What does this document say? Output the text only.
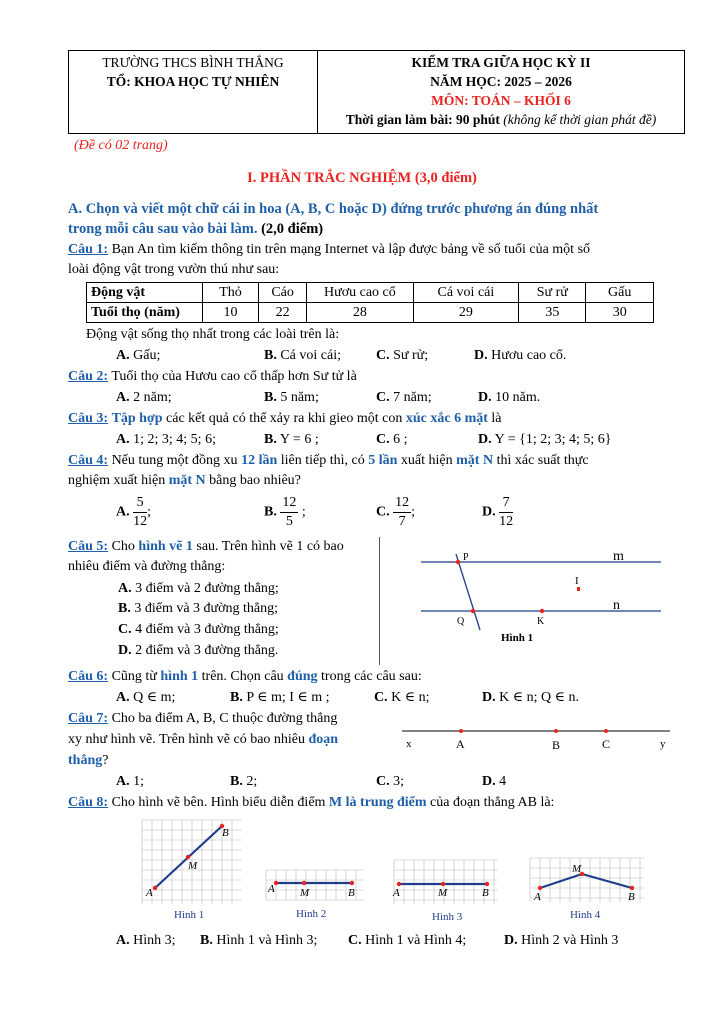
TRƯỜNG THCS BÌNH THẮNG
TỔ: KHOA HỌC TỰ NHIÊN

KIỂM TRA GIỮA HỌC KỲ II
NĂM HỌC: 2025 – 2026
MÔN: TOÁN – KHỐI 6
Thời gian làm bài: 90 phút (không kể thời gian phát đề)
(Đề có 02 trang)
I. PHẦN TRẮC NGHIỆM (3,0 điểm)
A. Chọn và viết một chữ cái in hoa (A, B, C hoặc D) đứng trước phương án đúng nhất
trong mỗi câu sau vào bài làm. (2,0 điểm)
Câu 1: Bạn An tìm kiếm thông tin trên mạng Internet và lập được bảng về số tuổi của một số
loài động vật trong vườn thú như sau:
Động vật	Thỏ	Cáo	Hươu cao cổ	Cá voi cái	Sư rử	Gấu
Tuổi thọ (năm)	10	22	28	29	35	30
Động vật sống thọ nhất trong các loài trên là:
A. Gấu;	B. Cá voi cái;	C. Sư rử;	D. Hươu cao cổ.
Câu 2: Tuổi thọ của Hươu cao cổ thấp hơn Sư tử là
A. 2 năm;	B. 5 năm;	C. 7 năm;	D. 10 năm.
Câu 3: Tập hợp các kết quả có thể xảy ra khi gieo một con xúc xắc 6 mặt là
A. 1; 2; 3; 4; 5; 6;	B. Y = 6 ;	C. 6 ;	D. Y = {1; 2; 3; 4; 5; 6}
Câu 4: Nếu tung một đồng xu 12 lần liên tiếp thì, có 5 lần xuất hiện mặt N thì xác suất thực
nghiệm xuất hiện mặt N bằng bao nhiêu?
A. $\frac{5}{12}$ ;	B. $\frac{12}{5}$ ;	C. $\frac{12}{7}$ ;	D. $\frac{7}{12}$
Câu 5: Cho hình vẽ 1 sau. Trên hình vẽ 1 có bao
nhiêu điểm và đường thẳng:
A. 3 điểm và 2 đường thẳng;
B. 3 điểm và 3 đường thẳng;
C. 4 điểm và 3 đường thẳng;
D. 2 điểm và 3 đường thẳng.
P	m
I
n
Q	K
Hình 1
Câu 6: Cũng từ hình 1 trên. Chọn câu đúng trong các câu sau:
A. Q ∈ m;	B. P ∈ m; I ∈ m ;	C. K ∈ n;	D. K ∈ n; Q ∈ n.
Câu 7: Cho ba điểm A, B, C thuộc đường thẳng
xy như hình vẽ. Trên hình vẽ có bao nhiêu đoạn
thẳng?
x	A	B	C	y
A. 1;	B. 2;	C. 3;	D. 4
Câu 8: Cho hình vẽ bên. Hình biểu diễn điểm M là trung điểm của đoạn thẳng AB là:
A
M
B
Hình 1
A M	B
Hình 2
A	M	B
Hình 3
A
M
B
Hình 4
A. Hình 3; B. Hình 1 và Hình 3; C. Hình 1 và Hình 4;	D. Hình 2 và Hình 3
